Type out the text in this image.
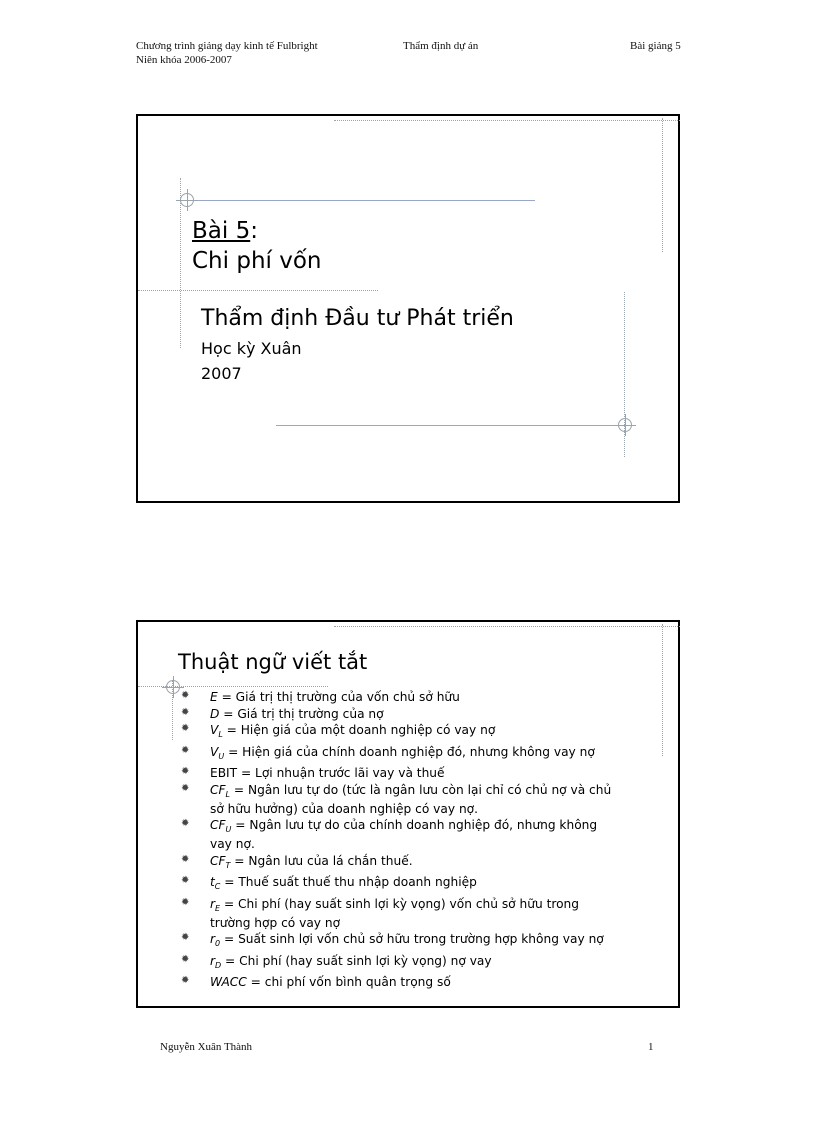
Chương trình giảng dạy kinh tế Fulbright	Thẩm định dự án	Bài giảng 5
Niên khóa 2006-2007
Bài 5:
Chi phí vốn
Thẩm định Đầu tư Phát triển
Học kỳ Xuân
2007
Thuật ngữ viết tắt
✹
E = Giá trị thị trường của vốn chủ sở hữu
✹
D = Giá trị thị trường của nợ
✹
$V_L$ = Hiện giá của một doanh nghiệp có vay nợ
✹
$V_U$ = Hiện giá của chính doanh nghiệp đó, nhưng không vay nợ
✹
EBIT = Lợi nhuận trước lãi vay và thuế
✹
$CF_L$ = Ngân lưu tự do (tức là ngân lưu còn lại chỉ có chủ nợ và chủ sở hữu hưởng) của doanh nghiệp có vay nợ.
✹
$CF_U$ = Ngân lưu tự do của chính doanh nghiệp đó, nhưng không vay nợ.
✹
$CF_T$ = Ngân lưu của lá chắn thuế.
✹
$t_C$ = Thuế suất thuế thu nhập doanh nghiệp
✹
$r_E$ = Chi phí (hay suất sinh lợi kỳ vọng) vốn chủ sở hữu trong trường hợp có vay nợ
✹
$r_0$ = Suất sinh lợi vốn chủ sở hữu trong trường hợp không vay nợ
✹
$r_D$ = Chi phí (hay suất sinh lợi kỳ vọng) nợ vay
✹
WACC = chi phí vốn bình quân trọng số
Nguyễn Xuân Thành	1
